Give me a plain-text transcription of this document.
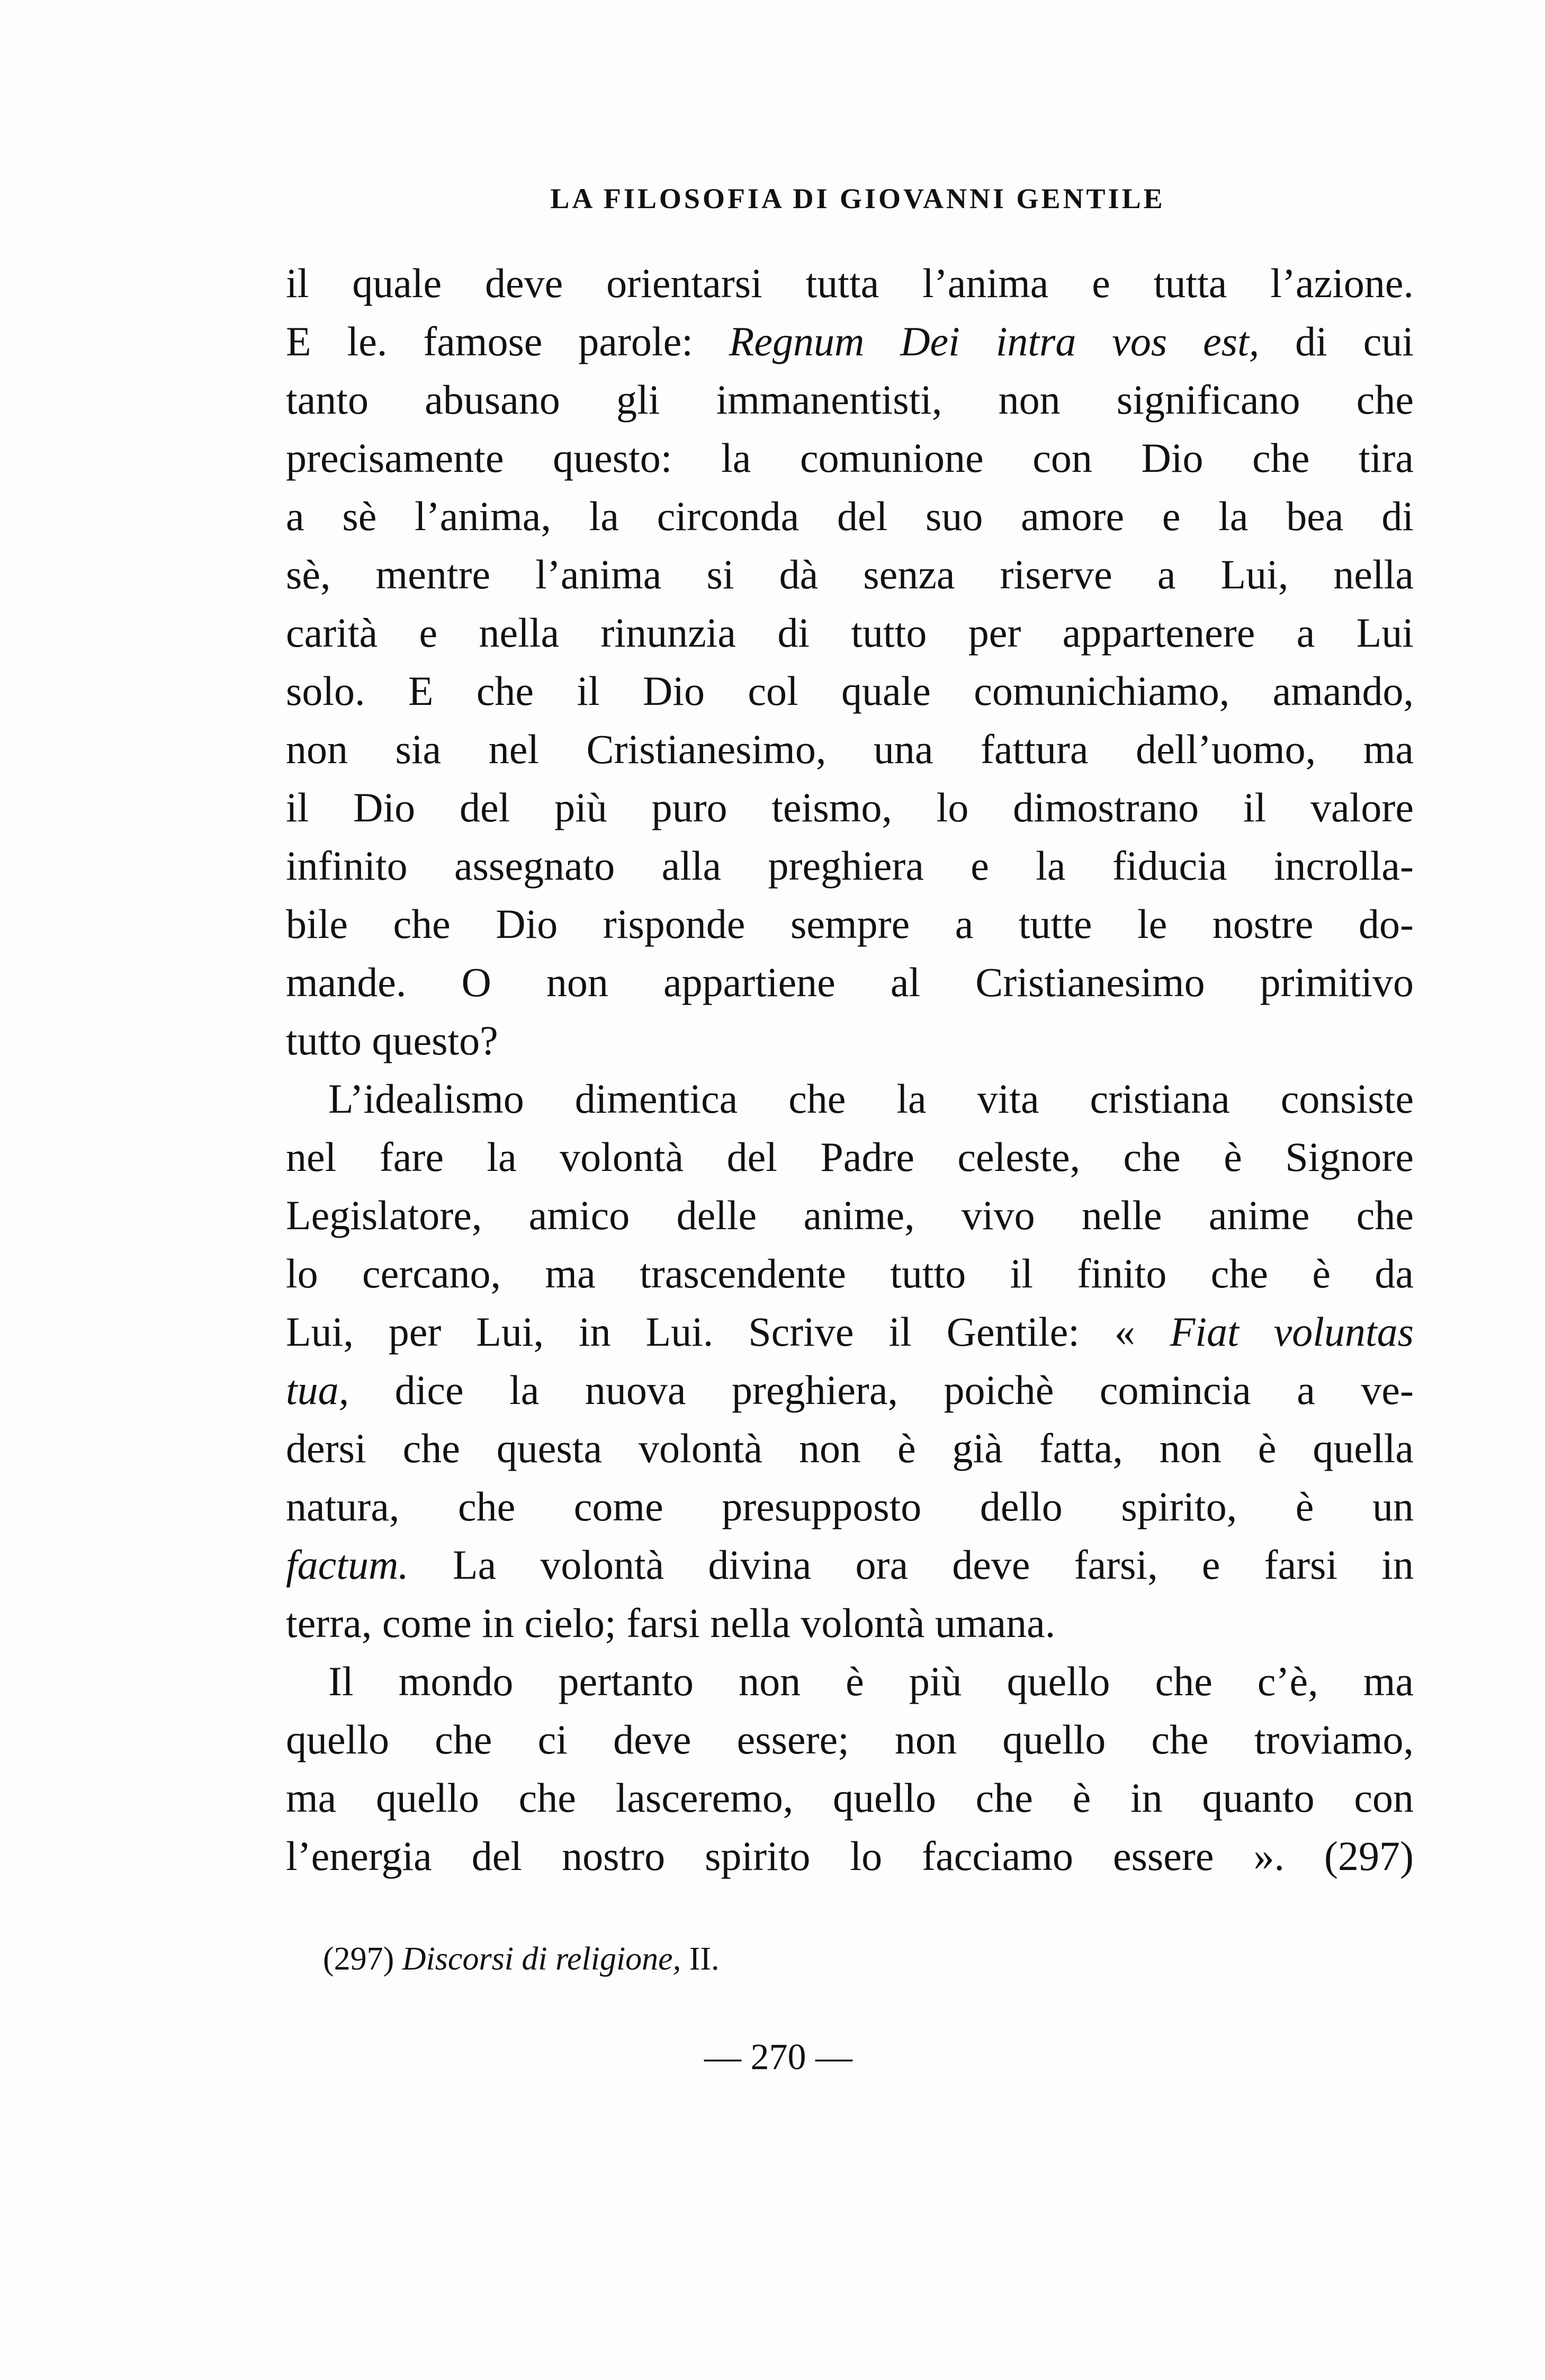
LA FILOSOFIA DI GIOVANNI GENTILE
il quale deve orientarsi tutta l’anima e tutta l’azione.
E le. famose parole: Regnum Dei intra vos est, di cui
tanto abusano gli immanentisti, non significano che
precisamente questo: la comunione con Dio che tira
a sè l’anima, la circonda del suo amore e la bea di
sè, mentre l’anima si dà senza riserve a Lui, nella
carità e nella rinunzia di tutto per appartenere a Lui
solo. E che il Dio col quale comunichiamo, amando,
non sia nel Cristianesimo, una fattura dell’uomo, ma
il Dio del più puro teismo, lo dimostrano il valore
infinito assegnato alla preghiera e la fiducia incrolla-
bile che Dio risponde sempre a tutte le nostre do-
mande. O non appartiene al Cristianesimo primitivo
tutto questo?
L’idealismo dimentica che la vita cristiana consiste
nel fare la volontà del Padre celeste, che è Signore
Legislatore, amico delle anime, vivo nelle anime che
lo cercano, ma trascendente tutto il finito che è da
Lui, per Lui, in Lui. Scrive il Gentile: « Fiat voluntas
tua, dice la nuova preghiera, poichè comincia a ve-
dersi che questa volontà non è già fatta, non è quella
natura, che come presupposto dello spirito, è un
factum. La volontà divina ora deve farsi, e farsi in
terra, come in cielo; farsi nella volontà umana.
Il mondo pertanto non è più quello che c’è, ma
quello che ci deve essere; non quello che troviamo,
ma quello che lasceremo, quello che è in quanto con
l’energia del nostro spirito lo facciamo essere ». (297)
(297) Discorsi di religione, II.
— 270 —
